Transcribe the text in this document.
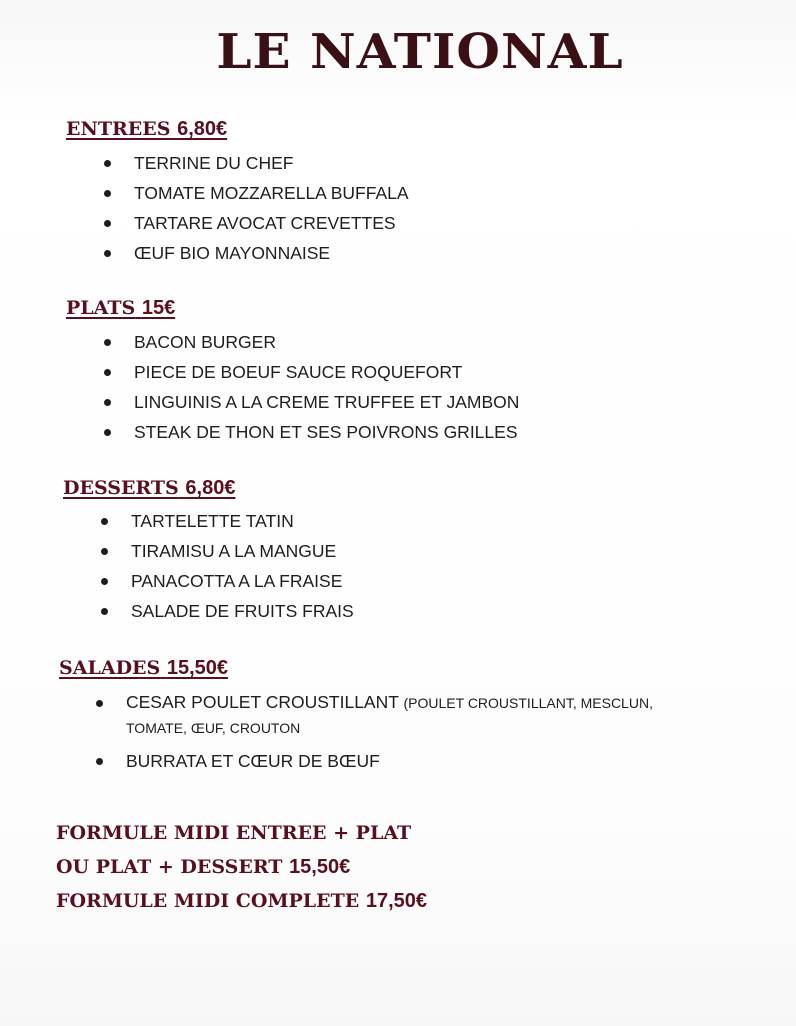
LE NATIONAL
ENTREES 6,80€
TERRINE DU CHEF
TOMATE MOZZARELLA BUFFALA
TARTARE AVOCAT CREVETTES
ŒUF BIO MAYONNAISE
PLATS 15€
BACON BURGER
PIECE DE BOEUF SAUCE ROQUEFORT
LINGUINIS A LA CREME TRUFFEE ET JAMBON
STEAK DE THON ET SES POIVRONS GRILLES
DESSERTS 6,80€
TARTELETTE TATIN
TIRAMISU A LA MANGUE
PANACOTTA A LA FRAISE
SALADE DE FRUITS FRAIS
SALADES 15,50€
CESAR POULET CROUSTILLANT (POULET CROUSTILLANT, MESCLUN,
TOMATE, ŒUF, CROUTON
BURRATA ET CŒUR DE BŒUF
FORMULE MIDI ENTREE + PLAT
OU PLAT + DESSERT 15,50€
FORMULE MIDI COMPLETE 17,50€
